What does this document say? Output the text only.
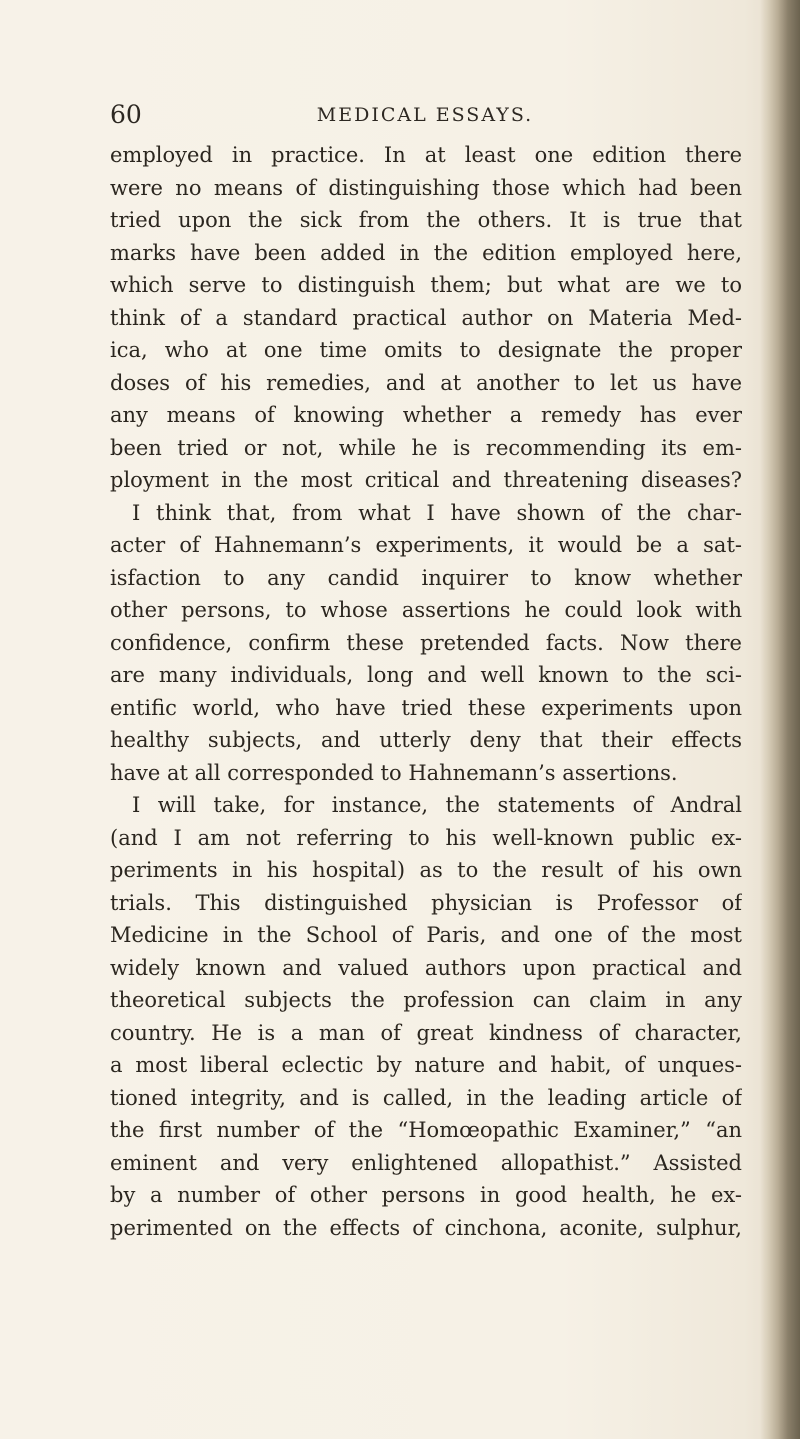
60	MEDICAL ESSAYS.
employed in practice. In at least one edition there
were no means of distinguishing those which had been
tried upon the sick from the others. It is true that
marks have been added in the edition employed here,
which serve to distinguish them; but what are we to
think of a standard practical author on Materia Med-
ica, who at one time omits to designate the proper
doses of his remedies, and at another to let us have
any means of knowing whether a remedy has ever
been tried or not, while he is recommending its em-
ployment in the most critical and threatening diseases?
I think that, from what I have shown of the char-
acter of Hahnemann’s experiments, it would be a sat-
isfaction to any candid inquirer to know whether
other persons, to whose assertions he could look with
confidence, confirm these pretended facts. Now there
are many individuals, long and well known to the sci-
entific world, who have tried these experiments upon
healthy subjects, and utterly deny that their effects
have at all corresponded to Hahnemann’s assertions.
I will take, for instance, the statements of Andral
(and I am not referring to his well-known public ex-
periments in his hospital) as to the result of his own
trials. This distinguished physician is Professor of
Medicine in the School of Paris, and one of the most
widely known and valued authors upon practical and
theoretical subjects the profession can claim in any
country. He is a man of great kindness of character,
a most liberal eclectic by nature and habit, of unques-
tioned integrity, and is called, in the leading article of
the first number of the “Homœopathic Examiner,” “an
eminent and very enlightened allopathist.” Assisted
by a number of other persons in good health, he ex-
perimented on the effects of cinchona, aconite, sulphur,
